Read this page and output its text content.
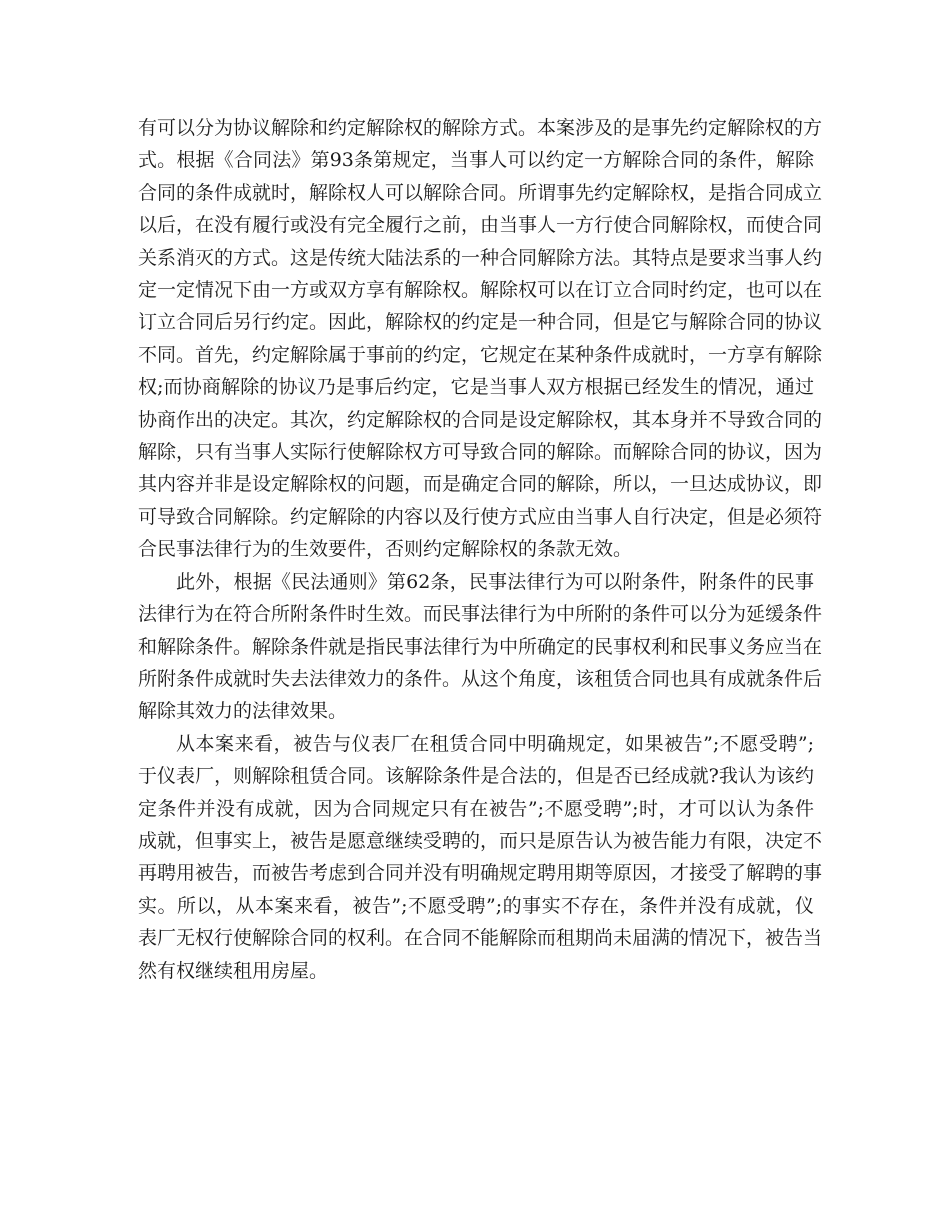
有可以分为协议解除和约定解除权的解除方式。本案涉及的是事先约定解除权的方
式。根据《合同法》第93条第规定，当事人可以约定一方解除合同的条件，解除
合同的条件成就时，解除权人可以解除合同。所谓事先约定解除权，是指合同成立
以后，在没有履行或没有完全履行之前，由当事人一方行使合同解除权，而使合同
关系消灭的方式。这是传统大陆法系的一种合同解除方法。其特点是要求当事人约
定一定情况下由一方或双方享有解除权。解除权可以在订立合同时约定，也可以在
订立合同后另行约定。因此，解除权的约定是一种合同，但是它与解除合同的协议
不同。首先，约定解除属于事前的约定，它规定在某种条件成就时，一方享有解除
权;而协商解除的协议乃是事后约定，它是当事人双方根据已经发生的情况，通过
协商作出的决定。其次，约定解除权的合同是设定解除权，其本身并不导致合同的
解除，只有当事人实际行使解除权方可导致合同的解除。而解除合同的协议，因为
其内容并非是设定解除权的问题，而是确定合同的解除，所以，一旦达成协议，即
可导致合同解除。约定解除的内容以及行使方式应由当事人自行决定，但是必须符
合民事法律行为的生效要件，否则约定解除权的条款无效。

此外，根据《民法通则》第62条，民事法律行为可以附条件，附条件的民事
法律行为在符合所附条件时生效。而民事法律行为中所附的条件可以分为延缓条件
和解除条件。解除条件就是指民事法律行为中所确定的民事权利和民事义务应当在
所附条件成就时失去法律效力的条件。从这个角度，该租赁合同也具有成就条件后
解除其效力的法律效果。

从本案来看，被告与仪表厂在租赁合同中明确规定，如果被告”;不愿受聘”;
于仪表厂，则解除租赁合同。该解除条件是合法的，但是否已经成就?我认为该约
定条件并没有成就，因为合同规定只有在被告”;不愿受聘”;时，才可以认为条件
成就，但事实上，被告是愿意继续受聘的，而只是原告认为被告能力有限，决定不
再聘用被告，而被告考虑到合同并没有明确规定聘用期等原因，才接受了解聘的事
实。所以，从本案来看，被告”;不愿受聘”;的事实不存在，条件并没有成就，仪
表厂无权行使解除合同的权利。在合同不能解除而租期尚未届满的情况下，被告当
然有权继续租用房屋。
